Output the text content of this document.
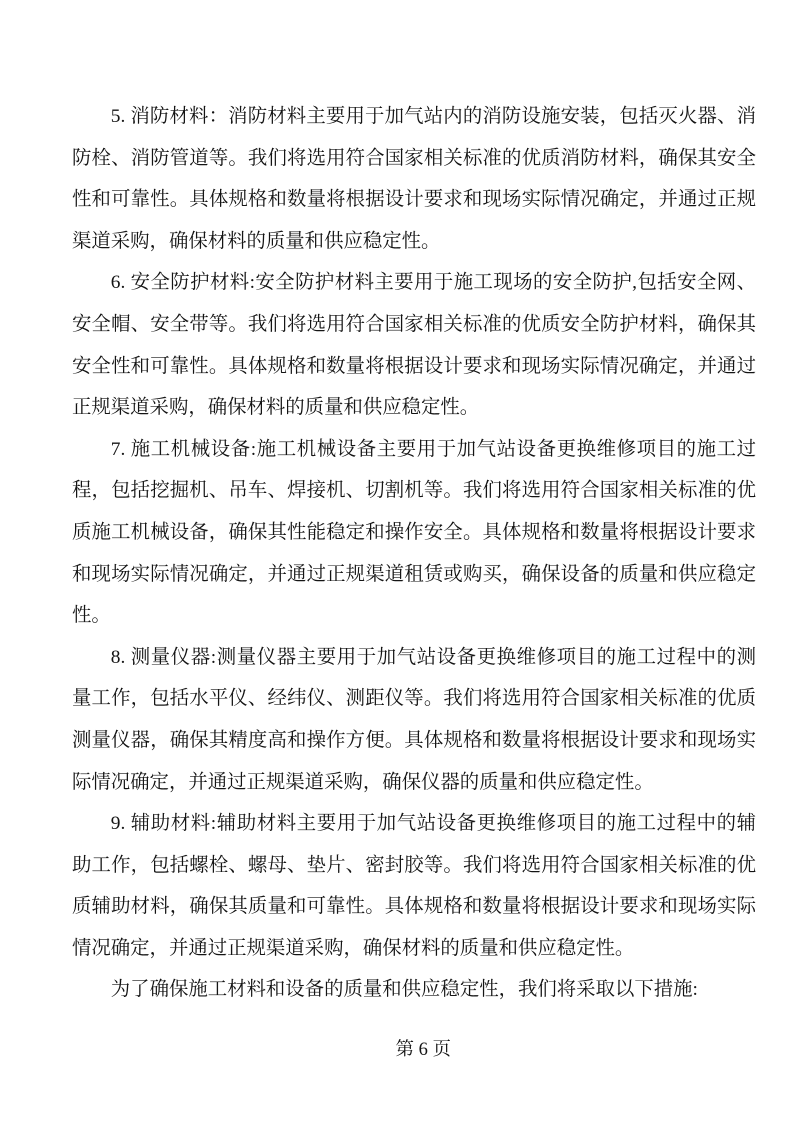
5. 消防材料：消防材料主要用于加气站内的消防设施安装，包括灭火器、消防栓、消防管道等。我们将选用符合国家相关标准的优质消防材料，确保其安全性和可靠性。具体规格和数量将根据设计要求和现场实际情况确定，并通过正规渠道采购，确保材料的质量和供应稳定性。

6. 安全防护材料:安全防护材料主要用于施工现场的安全防护,包括安全网、安全帽、安全带等。我们将选用符合国家相关标准的优质安全防护材料，确保其安全性和可靠性。具体规格和数量将根据设计要求和现场实际情况确定，并通过正规渠道采购，确保材料的质量和供应稳定性。

7. 施工机械设备:施工机械设备主要用于加气站设备更换维修项目的施工过程，包括挖掘机、吊车、焊接机、切割机等。我们将选用符合国家相关标准的优质施工机械设备，确保其性能稳定和操作安全。具体规格和数量将根据设计要求和现场实际情况确定，并通过正规渠道租赁或购买，确保设备的质量和供应稳定性。

8. 测量仪器:测量仪器主要用于加气站设备更换维修项目的施工过程中的测量工作，包括水平仪、经纬仪、测距仪等。我们将选用符合国家相关标准的优质测量仪器，确保其精度高和操作方便。具体规格和数量将根据设计要求和现场实际情况确定，并通过正规渠道采购，确保仪器的质量和供应稳定性。

9. 辅助材料:辅助材料主要用于加气站设备更换维修项目的施工过程中的辅助工作，包括螺栓、螺母、垫片、密封胶等。我们将选用符合国家相关标准的优质辅助材料，确保其质量和可靠性。具体规格和数量将根据设计要求和现场实际情况确定，并通过正规渠道采购，确保材料的质量和供应稳定性。

为了确保施工材料和设备的质量和供应稳定性，我们将采取以下措施:

第 6 页
